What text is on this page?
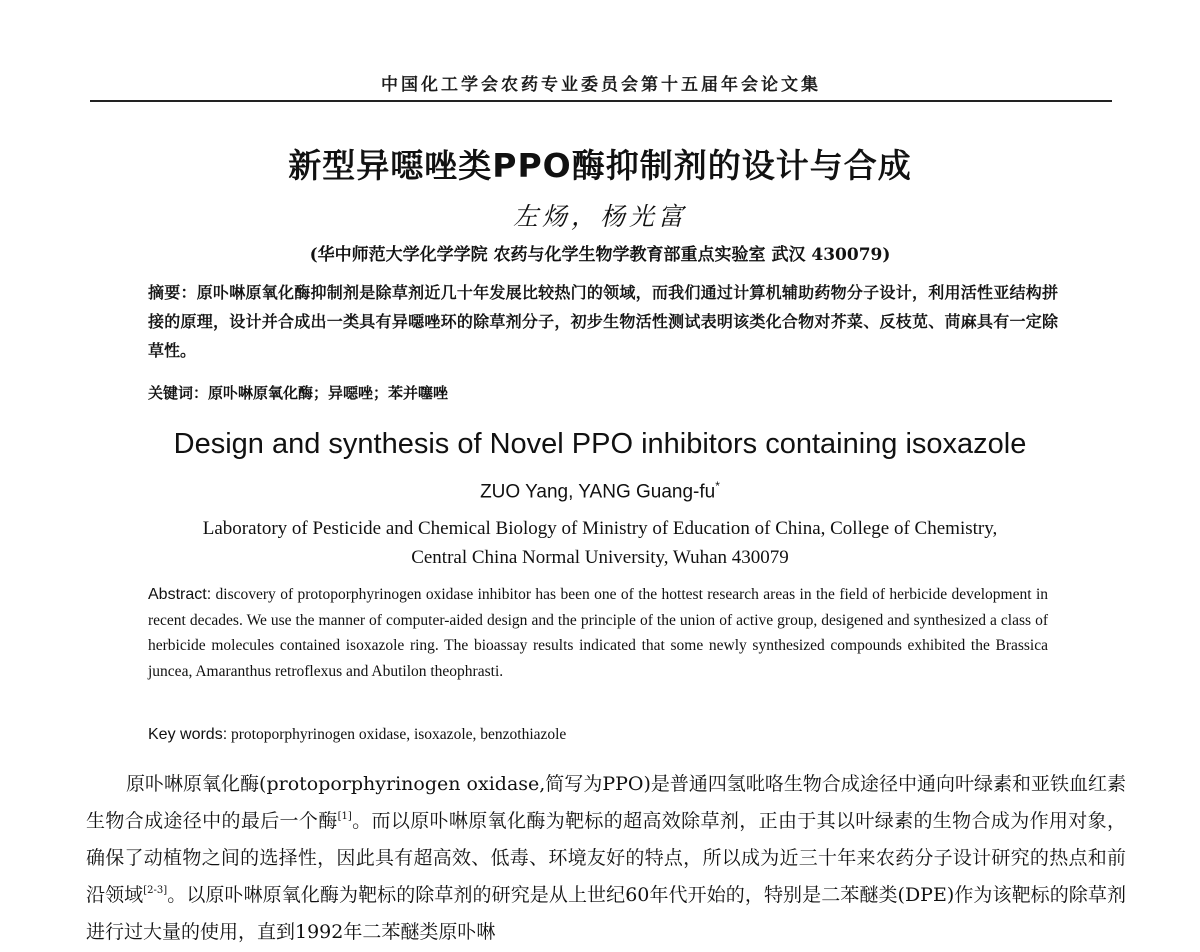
中国化工学会农药专业委员会第十五届年会论文集
新型异噁唑类PPO酶抑制剂的设计与合成
左炀，杨光富
(华中师范大学化学学院 农药与化学生物学教育部重点实验室 武汉 430079)
摘要：原卟啉原氧化酶抑制剂是除草剂近几十年发展比较热门的领域，而我们通过计算机辅助药物分子设计，利用活性亚结构拼接的原理，设计并合成出一类具有异噁唑环的除草剂分子，初步生物活性测试表明该类化合物对芥菜、反枝苋、苘麻具有一定除草性。
关键词：原卟啉原氧化酶；异噁唑；苯并噻唑
Design and synthesis of Novel PPO inhibitors containing isoxazole
ZUO Yang, YANG Guang-fu*
Laboratory of Pesticide and Chemical Biology of Ministry of Education of China, College of Chemistry,
Central China Normal University, Wuhan 430079
Abstract: discovery of protoporphyrinogen oxidase inhibitor has been one of the hottest research areas in the field of herbicide development in recent decades. We use the manner of computer-aided design and the principle of the union of active group, desigened and synthesized a class of herbicide molecules contained isoxazole ring. The bioassay results indicated that some newly synthesized compounds exhibited the Brassica juncea, Amaranthus retroflexus and Abutilon theophrasti.
Key words: protoporphyrinogen oxidase, isoxazole, benzothiazole
原卟啉原氧化酶(protoporphyrinogen oxidase,简写为PPO)是普通四氢吡咯生物合成途径中通向叶绿素和亚铁血红素生物合成途径中的最后一个酶[1]。而以原卟啉原氧化酶为靶标的超高效除草剂，正由于其以叶绿素的生物合成为作用对象，确保了动植物之间的选择性，因此具有超高效、低毒、环境友好的特点，所以成为近三十年来农药分子设计研究的热点和前沿领域[2-3]。以原卟啉原氧化酶为靶标的除草剂的研究是从上世纪60年代开始的，特别是二苯醚类(DPE)作为该靶标的除草剂进行过大量的使用，直到1992年二苯醚类原卟啉
